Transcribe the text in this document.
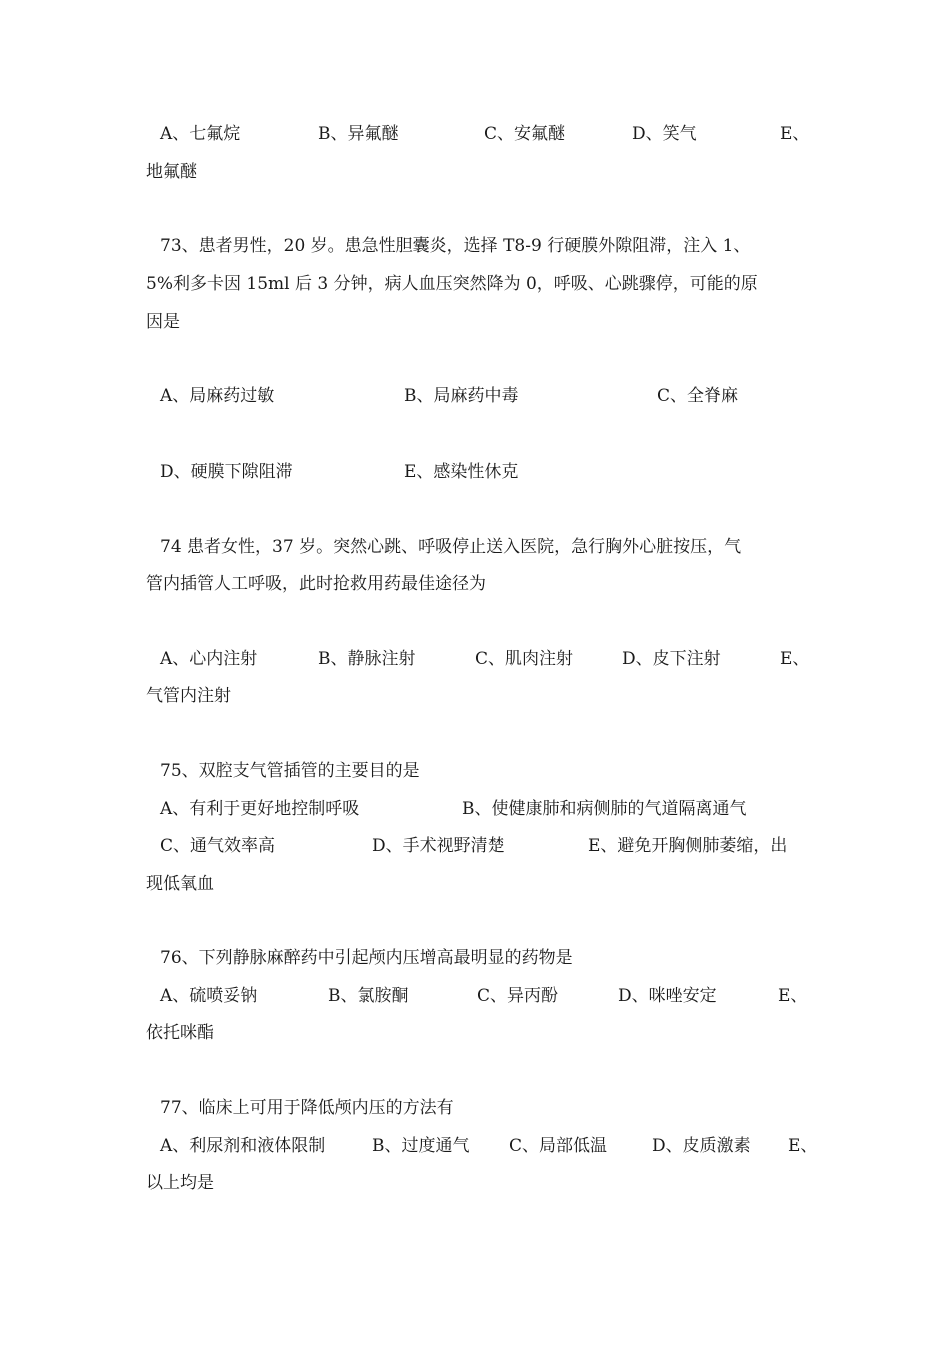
A、七氟烷	B、异氟醚	C、安氟醚	D、笑气	E、
地氟醚
73、患者男性，20 岁。患急性胆囊炎，选择 T8-9 行硬膜外隙阻滞，注入 1、
5%利多卡因 15ml 后 3 分钟，病人血压突然降为 0，呼吸、心跳骤停，可能的原
因是
A、局麻药过敏	B、局麻药中毒	C、全脊麻
D、硬膜下隙阻滞	E、感染性休克
74 患者女性，37 岁。突然心跳、呼吸停止送入医院，急行胸外心脏按压，气
管内插管人工呼吸，此时抢救用药最佳途径为
A、心内注射	B、静脉注射	C、肌肉注射	D、皮下注射	E、
气管内注射
75、双腔支气管插管的主要目的是
A、有利于更好地控制呼吸	B、使健康肺和病侧肺的气道隔离通气
C、通气效率高	D、手术视野清楚	E、避免开胸侧肺萎缩，出
现低氧血
76、下列静脉麻醉药中引起颅内压增高最明显的药物是
A、硫喷妥钠	B、氯胺酮	C、异丙酚	D、咪唑安定	E、
依托咪酯
77、临床上可用于降低颅内压的方法有
A、利尿剂和液体限制	B、过度通气 C、局部低温	D、皮质激素 E、
以上均是
